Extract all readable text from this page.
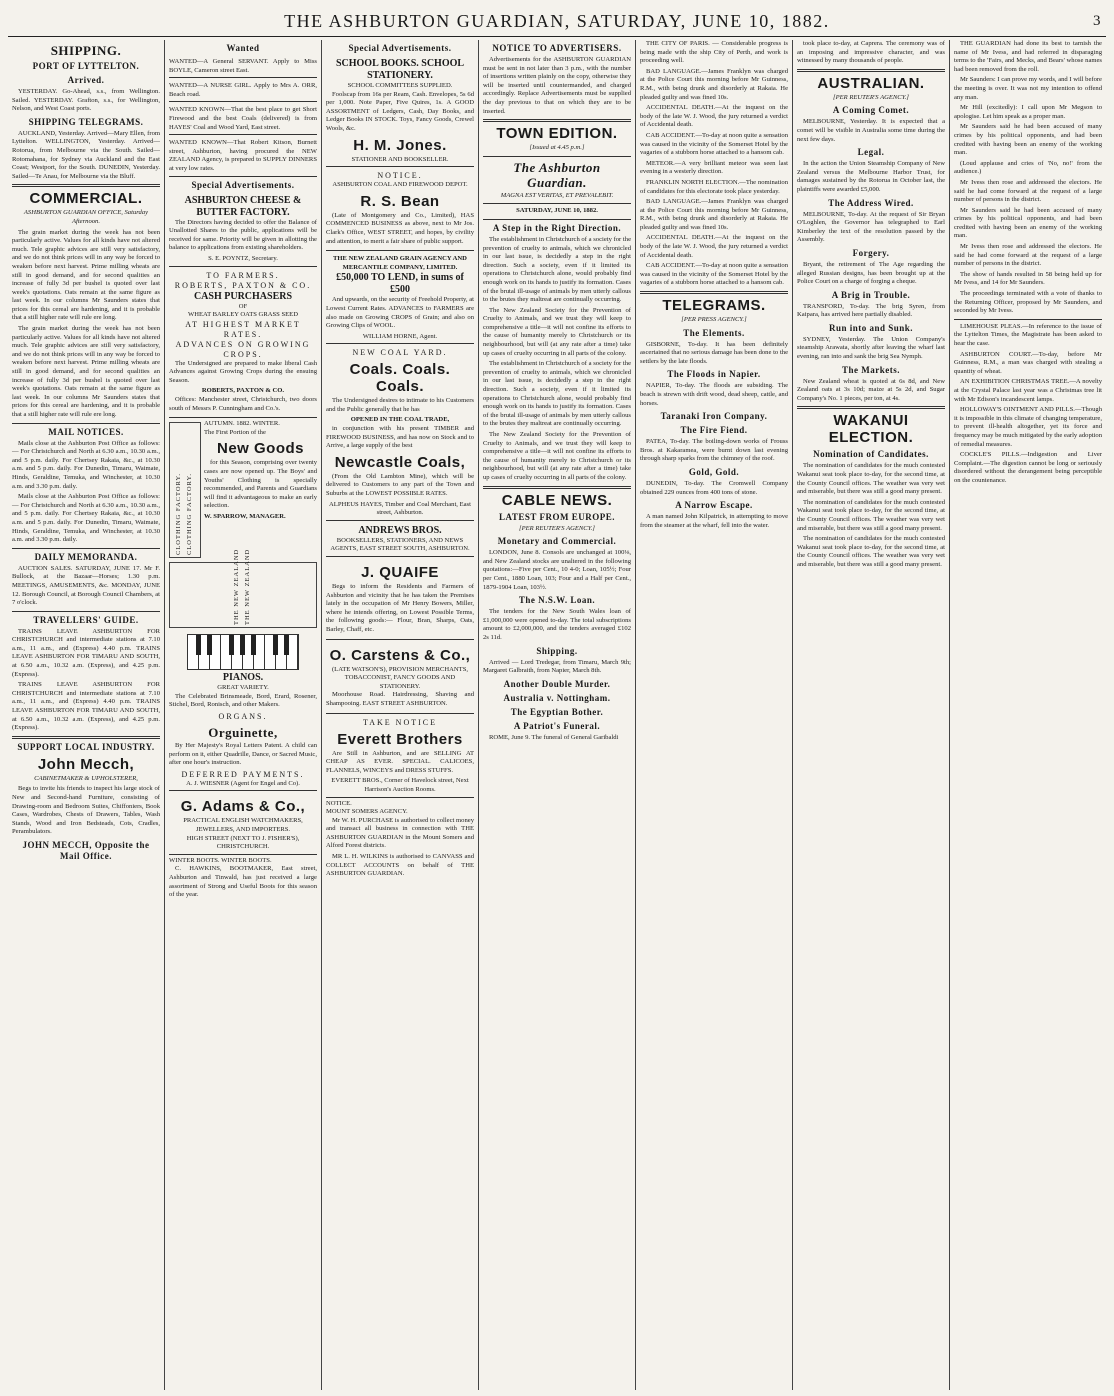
THE ASHBURTON GUARDIAN, SATURDAY, JUNE 10, 1882.	3
SHIPPING.
PORT OF LYTTELTON.
Arrived.

YESTERDAY. Go-Ahead, s.s., from Wellington. Sailed. YESTERDAY. Grafton, s.s., for Wellington, Nelson, and West Coast ports.

SHIPPING TELEGRAMS.

AUCKLAND, Yesterday. Arrived—Mary Ellen, from Lyttelton. WELLINGTON, Yesterday. Arrived—Rotorua, from Melbourne via the South. Sailed—Rotomahana, for Sydney via Auckland and the East Coast; Westport, for the South. DUNEDIN, Yesterday. Sailed—Te Anau, for Melbourne via the Bluff.

COMMERCIAL.
ASHBURTON GUARDIAN OFFICE, Saturday Afternoon.

The grain market during the week has not been particularly active. Values for all kinds have not altered much. Tele graphic advices are still very satisfactory, and we do not think prices will in any way be forced to weaken before next harvest. Prime milling wheats are still in good demand, and for second qualities an increase of fully 3d per bushel is quoted over last week's quotations. Oats remain at the same figure as last week. In our columns Mr Saunders states that prices for this cereal are hardening, and it is probable that a still higher rate will rule ere long.

The grain market during the week has not been particularly active. Values for all kinds have not altered much. Tele graphic advices are still very satisfactory, and we do not think prices will in any way be forced to weaken before next harvest. Prime milling wheats are still in good demand, and for second qualities an increase of fully 3d per bushel is quoted over last week's quotations. Oats remain at the same figure as last week. In our columns Mr Saunders states that prices for this cereal are hardening, and it is probable that a still higher rate will rule ere long.

MAIL NOTICES.

Mails close at the Ashburton Post Office as follows:— For Christchurch and North at 6.30 a.m., 10.30 a.m., and 5 p.m. daily. For Chertsey Rakaia, &c., at 10.30 a.m. and 5 p.m. daily. For Dunedin, Timaru, Waimate, Hinds, Geraldine, Temuka, and Winchester, at 10.30 a.m. and 3.30 p.m. daily.

Mails close at the Ashburton Post Office as follows:— For Christchurch and North at 6.30 a.m., 10.30 a.m., and 5 p.m. daily. For Chertsey Rakaia, &c., at 10.30 a.m. and 5 p.m. daily. For Dunedin, Timaru, Waimate, Hinds, Geraldine, Temuka, and Winchester, at 10.30 a.m. and 3.30 p.m. daily.

DAILY MEMORANDA.

AUCTION SALES. SATURDAY, JUNE 17. Mr F. Bullock, at the Bazaar—Horses; 1.30 p.m. MEETINGS, AMUSEMENTS, &c. MONDAY, JUNE 12. Borough Council, at Borough Council Chambers, at 7 o'clock.

TRAVELLERS' GUIDE.

TRAINS LEAVE ASHBURTON FOR CHRISTCHURCH and intermediate stations at 7.10 a.m., 11 a.m., and (Express) 4.40 p.m. TRAINS LEAVE ASHBURTON FOR TIMARU AND SOUTH, at 6.50 a.m., 10.32 a.m. (Express), and 4.25 p.m. (Express).

TRAINS LEAVE ASHBURTON FOR CHRISTCHURCH and intermediate stations at 7.10 a.m., 11 a.m., and (Express) 4.40 p.m. TRAINS LEAVE ASHBURTON FOR TIMARU AND SOUTH, at 6.50 a.m., 10.32 a.m. (Express), and 4.25 p.m. (Express).

SUPPORT LOCAL INDUSTRY.
John Mecch,
CABINETMAKER & UPHOLSTERER,

Begs to invite his friends to inspect his large stock of New and Second-hand Furniture, consisting of Drawing-room and Bedroom Suites, Chiffoniers, Book Cases, Wardrobes, Chests of Drawers, Tables, Wash Stands, Wood and Iron Bedsteads, Cots, Cradles, Perambulators.

JOHN MECCH, Opposite the Mail Office.
Wanted
WANTED—A General SERVANT. Apply to Miss BOYLE, Cameron street East.
WANTED—A NURSE GIRL. Apply to Mrs A. ORR, Beach road.
WANTED KNOWN—That the best place to get Short Firewood and the best Coals (delivered) is from HAYES' Coal and Wood Yard, East street.
WANTED KNOWN—That Robert Kitson, Burnett street, Ashburton, having procured the NEW ZEALAND Agency, is prepared to SUPPLY DINNERS at very low rates.
Special Advertisements.
ASHBURTON CHEESE & BUTTER FACTORY.

The Directors having decided to offer the Balance of Unallotted Shares to the public, applications will be received for same. Priority will be given in allotting the balance to applications from existing shareholders.

S. E. POYNTZ, Secretary.
TO FARMERS.
ROBERTS, PAXTON & CO.
CASH PURCHASERS
OF
WHEAT BARLEY OATS GRASS SEED
AT HIGHEST MARKET RATES.
ADVANCES ON GROWING CROPS.

The Undersigned are prepared to make liberal Cash Advances against Growing Crops during the ensuing Season.

ROBERTS, PAXTON & CO.

Offices: Manchester street, Christchurch, two doors south of Messrs P. Cunningham and Co.'s.

CLOTHING FACTORY. CLOTHING FACTORY.
AUTUMN. 1882. WINTER.
The First Portion of the
New Goods

for this Season, comprising over twenty cases are now opened up. The Boys' and Youths' Clothing is specially recommended, and Parents and Guardians will find it advantageous to make an early selection.

W. SPARROW, MANAGER.
THE NEW ZEALAND THE NEW ZEALAND
PIANOS.
GREAT VARIETY.

The Celebrated Brinsmeade, Bord, Erard, Rosener, Stichel, Bord, Ronisch, and other Makers.

ORGANS.
Orguinette,

By Her Majesty's Royal Letters Patent. A child can perform on it, either Quadrille, Dance, or Sacred Music, after one hour's instruction.

DEFERRED PAYMENTS.
A. J. WIESNER (Agent for Engel and Co).
G. Adams & Co.,
PRACTICAL ENGLISH WATCHMAKERS, JEWELLERS, AND IMPORTERS.
HIGH STREET (NEXT TO J. FISHER'S), CHRISTCHURCH.
WINTER BOOTS. WINTER BOOTS.

C. HAWKINS, BOOTMAKER, East street, Ashburton and Tinwald, has just received a large assortment of Strong and Useful Boots for this season of the year.

Special Advertisements.
SCHOOL BOOKS. SCHOOL STATIONERY.
SCHOOL COMMITTEES SUPPLIED.

Foolscap from 16s per Ream, Cash. Envelopes, 5s 6d per 1,000. Note Paper, Five Quires, 1s. A GOOD ASSORTMENT of Ledgers, Cash, Day Books, and Ledger Books IN STOCK. Toys, Fancy Goods, Crewel Wools, &c.

H. M. Jones.
STATIONER AND BOOKSELLER.
NOTICE.
ASHBURTON COAL AND FIREWOOD DEPOT.
R. S. Bean

(Late of Montgomery and Co., Limited), HAS COMMENCED BUSINESS as above, next to Mr Jos. Clark's Office, WEST STREET, and hopes, by civility and attention, to merit a fair share of public support.

THE NEW ZEALAND GRAIN AGENCY AND MERCANTILE COMPANY, LIMITED.
£50,000 TO LEND, in sums of £500

And upwards, on the security of Freehold Property, at Lowest Current Rates. ADVANCES to FARMERS are also made on Growing CROPS of Grain; and also on Growing Clips of WOOL.

WILLIAM HORNE, Agent.
NEW COAL YARD.
Coals. Coals. Coals.

The Undersigned desires to intimate to his Customers and the Public generally that he has

OPENED IN THE COAL TRADE,

in conjunction with his present TIMBER and FIREWOOD BUSINESS, and has now on Stock and to Arrive, a large supply of the best

Newcastle Coals,

(From the Old Lambton Mine), which will be delivered to Customers to any part of the Town and Suburbs at the LOWEST POSSIBLE RATES.

ALPHEUS HAYES, Timber and Coal Merchant, East street, Ashburton.
ANDREWS BROS.
BOOKSELLERS, STATIONERS, AND NEWS AGENTS, EAST STREET SOUTH, ASHBURTON.
J. QUAIFE

Begs to inform the Residents and Farmers of Ashburton and vicinity that he has taken the Premises lately in the occupation of Mr Henry Bowers, Miller, where he intends offering, on Lowest Possible Terms, the following goods:— Flour, Bran, Sharps, Oats, Barley, Chaff, etc.

O. Carstens & Co.,
(LATE WATSON'S), PROVISION MERCHANTS, TOBACCONIST, FANCY GOODS AND STATIONERY.

Moorhouse Road. Hairdressing, Shaving and Shampooing. EAST STREET ASHBURTON.

TAKE NOTICE
Everett Brothers

Are Still in Ashburton, and are SELLING AT CHEAP AS EVER. SPECIAL. CALICOES, FLANNELS, WINCEYS and DRESS STUFFS.

EVERETT BROS., Corner of Havelock street, Next Harrison's Auction Rooms.
NOTICE.
MOUNT SOMERS AGENCY.

Mr W. H. PURCHASE is authorised to collect money and transact all business in connection with THE ASHBURTON GUARDIAN in the Mount Somers and Alford Forest districts.

MR L. H. WILKINS is authorised to CANVASS and COLLECT ACCOUNTS on behalf of THE ASHBURTON GUARDIAN.

NOTICE TO ADVERTISERS.

Advertisements for the ASHBURTON GUARDIAN must be sent in not later than 3 p.m., with the number of insertions written plainly on the copy, otherwise they will be inserted until countermanded, and charged accordingly. Replace Advertisements must be supplied the day previous to that on which they are to be inserted.

TOWN EDITION.
[Issued at 4.45 p.m.]
The Ashburton Guardian.
MAGNA EST VERITAS, ET PREVALEBIT.
SATURDAY, JUNE 10, 1882.
A Step in the Right Direction.

The establishment in Christchurch of a society for the prevention of cruelty to animals, which we chronicled in our last issue, is decidedly a step in the right direction. Such a society, even if it limited its operations to Christchurch alone, would probably find enough work on its hands to justify its formation. Cases of the brutal ill-usage of animals by men utterly callous to the brutes they maltreat are continually occurring.

The New Zealand Society for the Prevention of Cruelty to Animals, and we trust they will keep to comprehensive a title—it will not confine its efforts to the cause of humanity merely to Christchurch or its neighbourhood, but will (at any rate after a time) take up cases of cruelty occurring in all parts of the colony.

The establishment in Christchurch of a society for the prevention of cruelty to animals, which we chronicled in our last issue, is decidedly a step in the right direction. Such a society, even if it limited its operations to Christchurch alone, would probably find enough work on its hands to justify its formation. Cases of the brutal ill-usage of animals by men utterly callous to the brutes they maltreat are continually occurring.

The New Zealand Society for the Prevention of Cruelty to Animals, and we trust they will keep to comprehensive a title—it will not confine its efforts to the cause of humanity merely to Christchurch or its neighbourhood, but will (at any rate after a time) take up cases of cruelty occurring in all parts of the colony.

CABLE NEWS.
LATEST FROM EUROPE.
[PER REUTER'S AGENCY.]
Monetary and Commercial.

LONDON, June 8. Consols are unchanged at 100⅛, and New Zealand stocks are unaltered in the following quotations:—Five per Cent., 10 4-0; Loan, 105½; Four per Cent., 1880 Loan, 103; Four and a Half per Cent., 1879-1904 Loan, 103½.

The N.S.W. Loan.

The tenders for the New South Wales loan of £1,000,000 were opened to-day. The total subscriptions amount to £2,000,000, and the tenders averaged £102 2s 11d.

Shipping.

Arrived — Lord Tredegar, from Timaru, March 9th; Margaret Galbraith, from Napier, March 8th.

Another Double Murder.
Australia v. Nottingham.
The Egyptian Bother.
A Patriot's Funeral.

ROME, June 9. The funeral of General Garibaldi

THE CITY OF PARIS. — Considerable progress is being made with the ship City of Perth, and work is proceeding well.

BAD LANGUAGE.—James Franklyn was charged at the Police Court this morning before Mr Guinness, R.M., with being drunk and disorderly at Rakaia. He pleaded guilty and was fined 10s.

ACCIDENTAL DEATH.—At the inquest on the body of the late W. J. Wood, the jury returned a verdict of Accidental death.

CAB ACCIDENT.—To-day at noon quite a sensation was caused in the vicinity of the Somerset Hotel by the vagaries of a stubborn horse attached to a hansom cab.

METEOR.—A very brilliant meteor was seen last evening in a westerly direction.

FRANKLIN NORTH ELECTION.—The nomination of candidates for this electorate took place yesterday.

BAD LANGUAGE.—James Franklyn was charged at the Police Court this morning before Mr Guinness, R.M., with being drunk and disorderly at Rakaia. He pleaded guilty and was fined 10s.

ACCIDENTAL DEATH.—At the inquest on the body of the late W. J. Wood, the jury returned a verdict of Accidental death.

CAB ACCIDENT.—To-day at noon quite a sensation was caused in the vicinity of the Somerset Hotel by the vagaries of a stubborn horse attached to a hansom cab.

TELEGRAMS.
[PER PRESS AGENCY.]
The Elements.

GISBORNE, To-day. It has been definitely ascertained that no serious damage has been done to the settlers by the late floods.

The Floods in Napier.

NAPIER, To-day. The floods are subsiding. The beach is strewn with drift wood, dead sheep, cattle, and horses.

Taranaki Iron Company.
The Fire Fiend.

PATEA, To-day. The boiling-down works of Frouss Bros. at Kakaramea, were burnt down last evening through sharp sparks from the chimney of the roof.

Gold, Gold.

DUNEDIN, To-day. The Cromwell Company obtained 229 ounces from 400 tons of stone.

A Narrow Escape.

A man named John Kilpatrick, in attempting to move from the steamer at the wharf, fell into the water.

took place to-day, at Caprera. The ceremony was of an imposing and impressive character, and was witnessed by many thousands of people.

AUSTRALIAN.
[PER REUTER'S AGENCY.]
A Coming Comet.

MELBOURNE, Yesterday. It is expected that a comet will be visible in Australia some time during the next few days.

Legal.

In the action the Union Steamship Company of New Zealand versus the Melbourne Harbor Trust, for damages sustained by the Rotorua in October last, the plaintiffs were awarded £5,000.

The Address Wired.

MELBOURNE, To-day. At the request of Sir Bryan O'Loghlen, the Governor has telegraphed to Earl Kimberley the text of the resolution passed by the Assembly.

Forgery.

Bryant, the retirement of The Age regarding the alleged Russian designs, has been brought up at the Police Court on a charge of forging a cheque.

A Brig in Trouble.

TRANSFORD, To-day. The brig Syren, from Kaipara, has arrived here partially disabled.

Run into and Sunk.

SYDNEY, Yesterday. The Union Company's steamship Arawata, shortly after leaving the wharf last evening, ran into and sank the brig Sea Nymph.

The Markets.

New Zealand wheat is quoted at 6s 8d, and New Zealand oats at 3s 10d; maize at 5s 2d, and Sugar Company's No. 1 pieces, per ton, at 4s.

WAKANUI ELECTION.
Nomination of Candidates.

The nomination of candidates for the much contested Wakanui seat took place to-day, for the second time, at the County Council offices. The weather was very wet and miserable, but there was still a good many present.

The nomination of candidates for the much contested Wakanui seat took place to-day, for the second time, at the County Council offices. The weather was very wet and miserable, but there was still a good many present.

The nomination of candidates for the much contested Wakanui seat took place to-day, for the second time, at the County Council offices. The weather was very wet and miserable, but there was still a good many present.

THE GUARDIAN had done its best to tarnish the name of Mr Ivess, and had referred in disparaging terms to the 'Fairs, and Mecks, and Bears' whose names had been removed from the roll.

Mr Saunders: I can prove my words, and I will before the meeting is over. It was not my intention to offend any man.

Mr Hill (excitedly): I call upon Mr Megson to apologise. Let him speak as a proper man.

Mr Saunders said he had been accused of many crimes by his political opponents, and had been credited with having been an enemy of the working man.

(Loud applause and cries of 'No, no!' from the audience.)

Mr Ivess then rose and addressed the electors. He said he had come forward at the request of a large number of persons in the district.

Mr Saunders said he had been accused of many crimes by his political opponents, and had been credited with having been an enemy of the working man.

Mr Ivess then rose and addressed the electors. He said he had come forward at the request of a large number of persons in the district.

The show of hands resulted in 58 being held up for Mr Ivess, and 14 for Mr Saunders.

The proceedings terminated with a vote of thanks to the Returning Officer, proposed by Mr Saunders, and seconded by Mr Ivess.

LIMEHOUSE PLEAS.—In reference to the issue of the Lyttelton Times, the Magistrate has been asked to hear the case.

ASHBURTON COURT.—To-day, before Mr Guinness, R.M., a man was charged with stealing a quantity of wheat.

AN EXHIBITION CHRISTMAS TREE.—A novelty at the Crystal Palace last year was a Christmas tree lit with Mr Edison's incandescent lamps.

HOLLOWAY'S OINTMENT AND PILLS.—Though it is impossible in this climate of changing temperature, to prevent ill-health altogether, yet its force and frequency may be much mitigated by the early adoption of remedial measures.

COCKLE'S PILLS.—Indigestion and Liver Complaint.—The digestion cannot be long or seriously disordered without the derangement being perceptible on the countenance.
